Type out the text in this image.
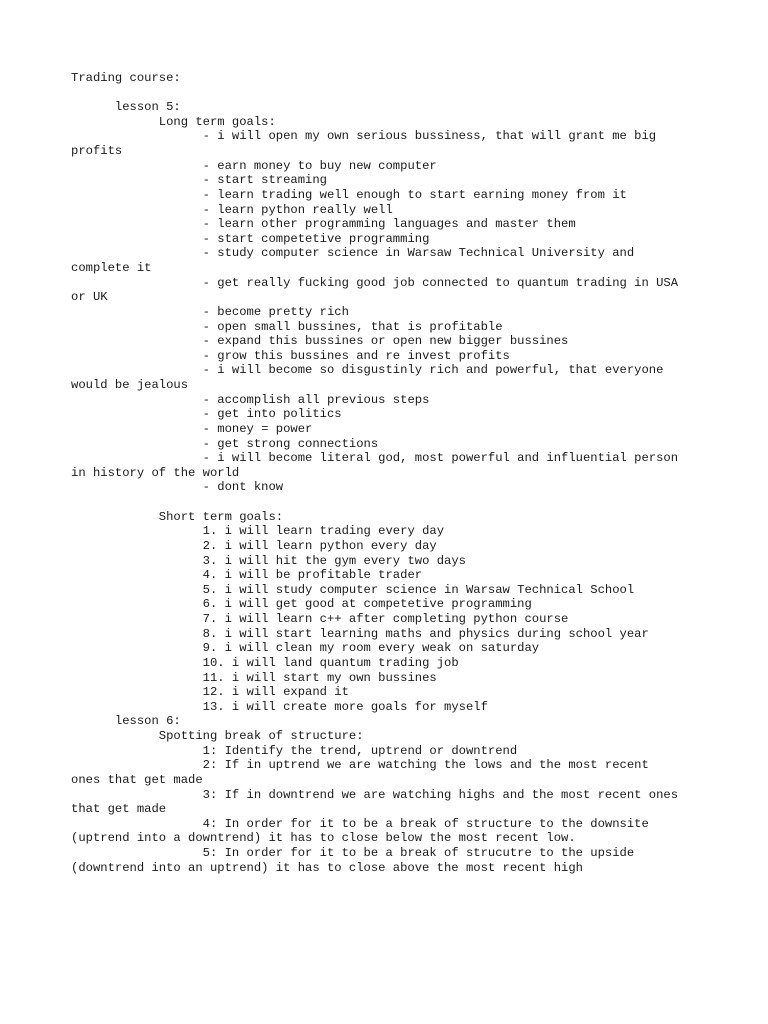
Trading course:
lesson 5:
Long term goals:
- i will open my own serious bussiness, that will grant me big
profits
- earn money to buy new computer
- start streaming
- learn trading well enough to start earning money from it
- learn python really well
- learn other programming languages and master them
- start competetive programming
- study computer science in Warsaw Technical University and
complete it
- get really fucking good job connected to quantum trading in USA
or UK
- become pretty rich
- open small bussines, that is profitable
- expand this bussines or open new bigger bussines
- grow this bussines and re invest profits
- i will become so disgustinly rich and powerful, that everyone
would be jealous
- accomplish all previous steps
- get into politics
- money = power
- get strong connections
- i will become literal god, most powerful and influential person
in history of the world
- dont know
Short term goals:
1. i will learn trading every day
2. i will learn python every day
3. i will hit the gym every two days
4. i will be profitable trader
5. i will study computer science in Warsaw Technical School
6. i will get good at competetive programming
7. i will learn c++ after completing python course
8. i will start learning maths and physics during school year
9. i will clean my room every weak on saturday
10. i will land quantum trading job
11. i will start my own bussines
12. i will expand it
13. i will create more goals for myself
lesson 6:
Spotting break of structure:
1: Identify the trend, uptrend or downtrend
2: If in uptrend we are watching the lows and the most recent
ones that get made
3: If in downtrend we are watching highs and the most recent ones
that get made
4: In order for it to be a break of structure to the downsite
(uptrend into a downtrend) it has to close below the most recent low.
5: In order for it to be a break of strucutre to the upside
(downtrend into an uptrend) it has to close above the most recent high
